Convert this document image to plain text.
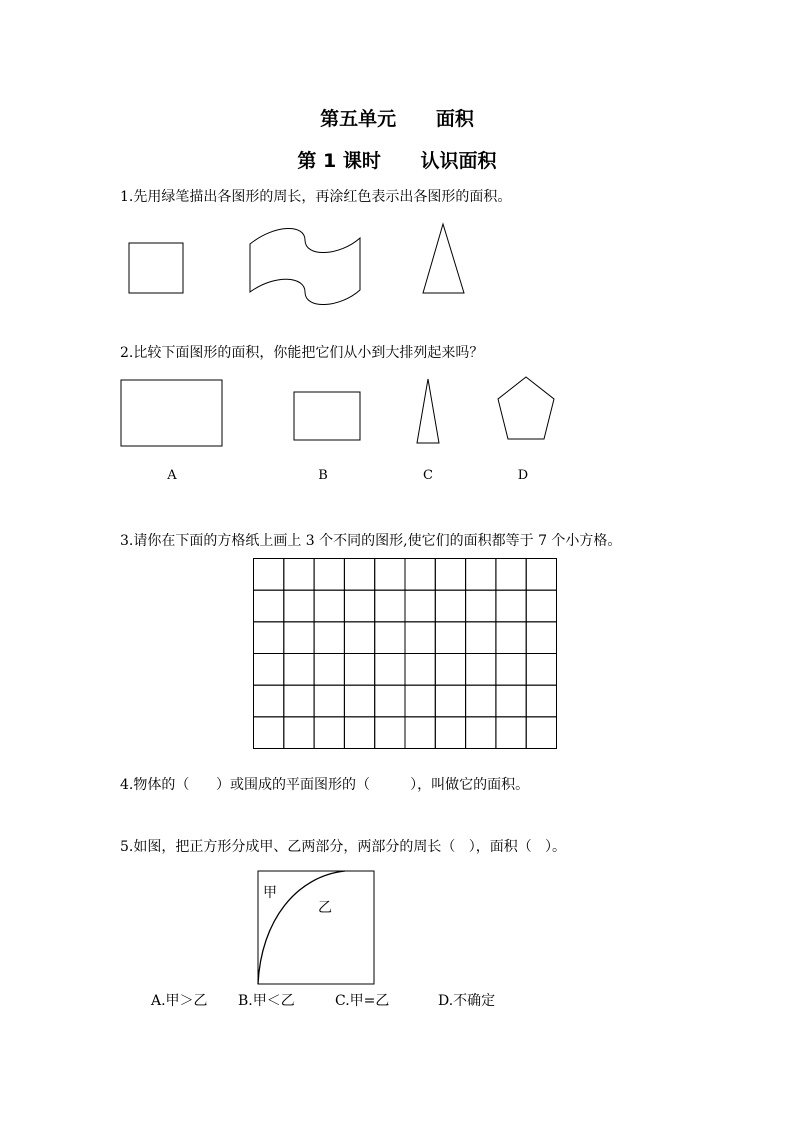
第五单元      面积
第 1 课时      认识面积
1.先用绿笔描出各图形的周长，再涂红色表示出各图形的面积。
2.比较下面图形的面积，你能把它们从小到大排列起来吗？
A	B	C	D
3.请你在下面的方格纸上画上 3 个不同的图形,使它们的面积都等于 7 个小方格。
4.物体的（      ）或围成的平面图形的（         ），叫做它的面积。
5.如图，把正方形分成甲、乙两部分，两部分的周长（   ），面积（   ）。
甲
乙
A.甲＞乙 B.甲＜乙	C.甲=乙	D.不确定
